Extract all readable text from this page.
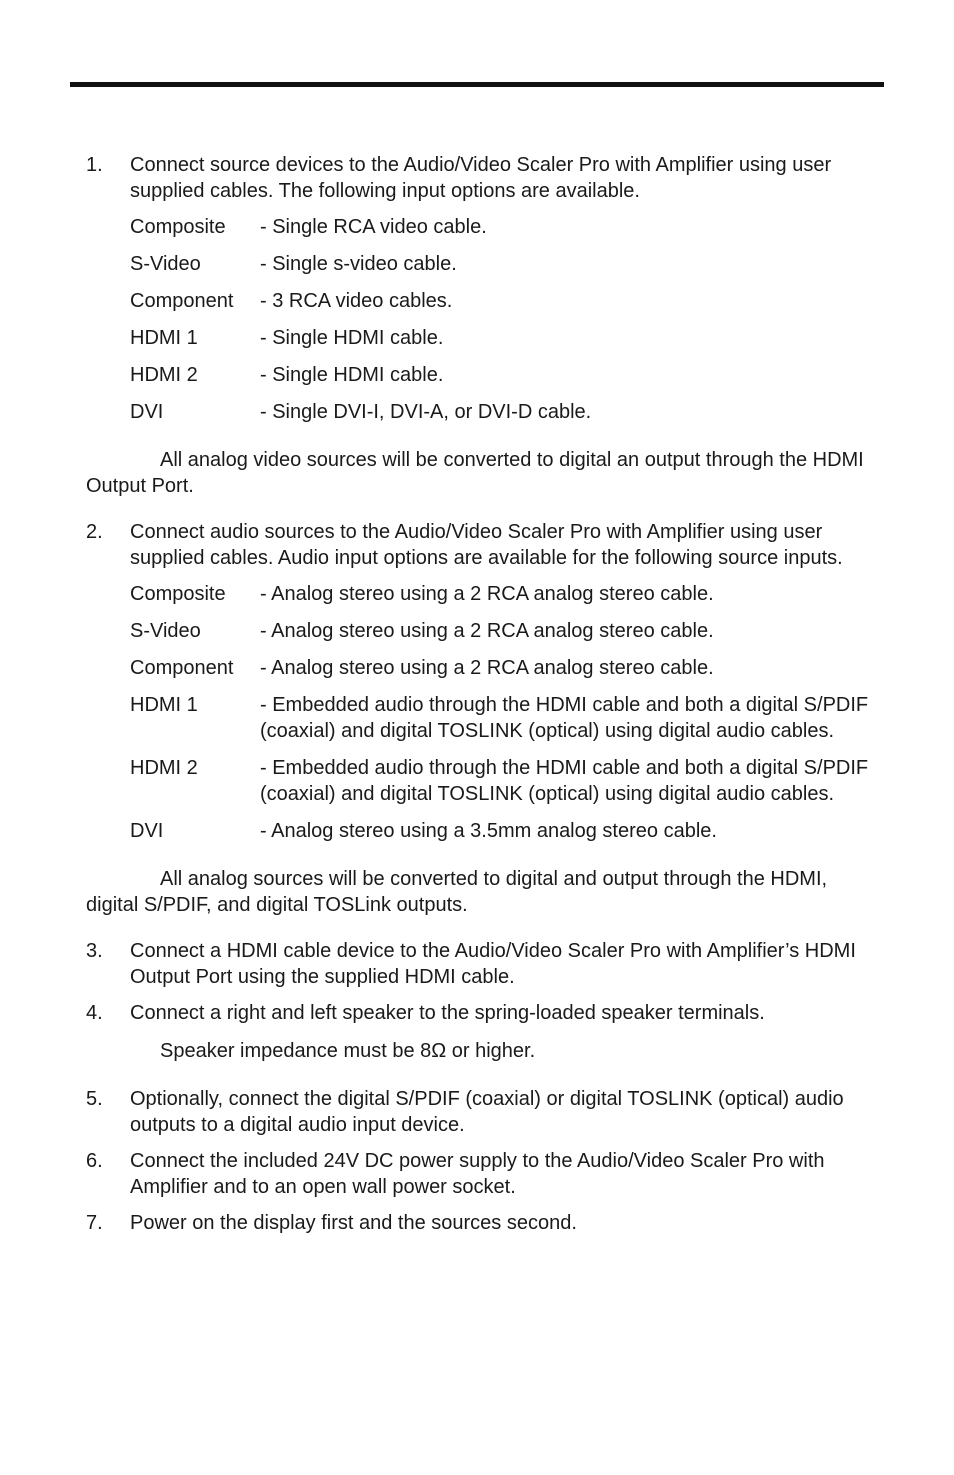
1. Connect source devices to the Audio/Video Scaler Pro with Amplifier using user supplied cables. The following input options are available.
Composite	- Single RCA video cable.
S-Video	- Single s-video cable.
Component	- 3 RCA video cables.
HDMI 1	- Single HDMI cable.
HDMI 2	- Single HDMI cable.
DVI	- Single DVI-I, DVI-A, or DVI-D cable.
All analog video sources will be converted to digital an output through the HDMI Output Port.
2. Connect audio sources to the Audio/Video Scaler Pro with Amplifier using user supplied cables. Audio input options are available for the following source inputs.
Composite	- Analog stereo using a 2 RCA analog stereo cable.
S-Video	- Analog stereo using a 2 RCA analog stereo cable.
Component	- Analog stereo using a 2 RCA analog stereo cable.
HDMI 1	- Embedded audio through the HDMI cable and both a digital S/PDIF (coaxial) and digital TOSLINK (optical) using digital audio cables.
HDMI 2	- Embedded audio through the HDMI cable and both a digital S/PDIF (coaxial) and digital TOSLINK (optical) using digital audio cables.
DVI	- Analog stereo using a 3.5mm analog stereo cable.
All analog sources will be converted to digital and output through the HDMI, digital S/PDIF, and digital TOSLink outputs.
3. Connect a HDMI cable device to the Audio/Video Scaler Pro with Amplifier’s HDMI Output Port using the supplied HDMI cable.
4. Connect a right and left speaker to the spring-loaded speaker terminals.
Speaker impedance must be 8Ω or higher.
5. Optionally, connect the digital S/PDIF (coaxial) or digital TOSLINK (optical) audio outputs to a digital audio input device.
6. Connect the included 24V DC power supply to the Audio/Video Scaler Pro with Amplifier and to an open wall power socket.
7. Power on the display first and the sources second.
